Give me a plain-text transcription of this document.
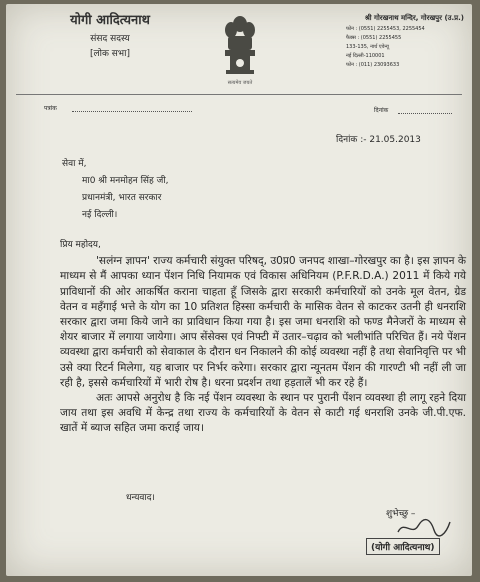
योगी आदित्यनाथ
संसद सदस्य
[लोक सभा]
सत्यमेव जयते
श्री गोरखनाथ मन्दिर, गोरखपुर (उ.प्र.)
फोन : (0551) 2255453, 2255454
फैक्स : (0551) 2255455
133-135, नार्थ एवेन्यू
नई दिल्ली-110001
फोन : (011) 23093633
पत्रांक	दिनांक
दिनांक :- 21.05.2013
सेवा में,
मा0 श्री मनमोहन सिंह जी,
प्रधानमंत्री, भारत सरकार
नई दिल्ली।
प्रिय महोदय,

'सलंग्न ज्ञापन' राज्य कर्मचारी संयुक्त परिषद्, उ0प्र0 जनपद शाखा–गोरखपुर का है। इस ज्ञापन के माध्यम से मैं आपका ध्यान पेंशन निधि नियामक एवं विकास अधिनियम (P.F.R.D.A.) 2011 में किये गये प्राविधानों की ओर आकर्षित कराना चाहता हूँ जिसके द्वारा सरकारी कर्मचारियों को उनके मूल वेतन, ग्रेड वेतन व महँगाई भत्ते के योग का 10 प्रतिशत हिस्सा कर्मचारी के मासिक वेतन से काटकर उतनी ही धनराशि सरकार द्वारा जमा किये जाने का प्राविधान किया गया है। इस जमा धनराशि को फण्ड मैनेजरों के माध्यम से शेयर बाजार में लगाया जायेगा। आप सेंसेक्स एवं निफ्टी में उतार–चढ़ाव को भलीभांति परिचित हैं। नये पेंशन व्यवस्था द्वारा कर्मचारी को सेवाकाल के दौरान धन निकालने की कोई व्यवस्था नहीं है तथा सेवानिवृत्ति पर भी उसे क्या रिटर्न मिलेगा, यह बाजार पर निर्भर करेगा। सरकार द्वारा न्यूनतम पेंशन की गारण्टी भी नहीं ली जा रही है, इससे कर्मचारियों में भारी रोष है। धरना प्रदर्शन तथा हड़तालें भी कर रहे हैं।

अतः आपसे अनुरोध है कि नई पेंशन व्यवस्था के स्थान पर पुरानी पेंशन व्यवस्था ही लागू रहने दिया जाय तथा इस अवधि में केन्द्र तथा राज्य के कर्मचारियों के वेतन से काटी गई धनराशि उनके जी.पी.एफ. खातें में ब्याज सहित जमा कराई जाय।

धन्यवाद।
शुभेच्छु –
(योगी आदित्यनाथ)
